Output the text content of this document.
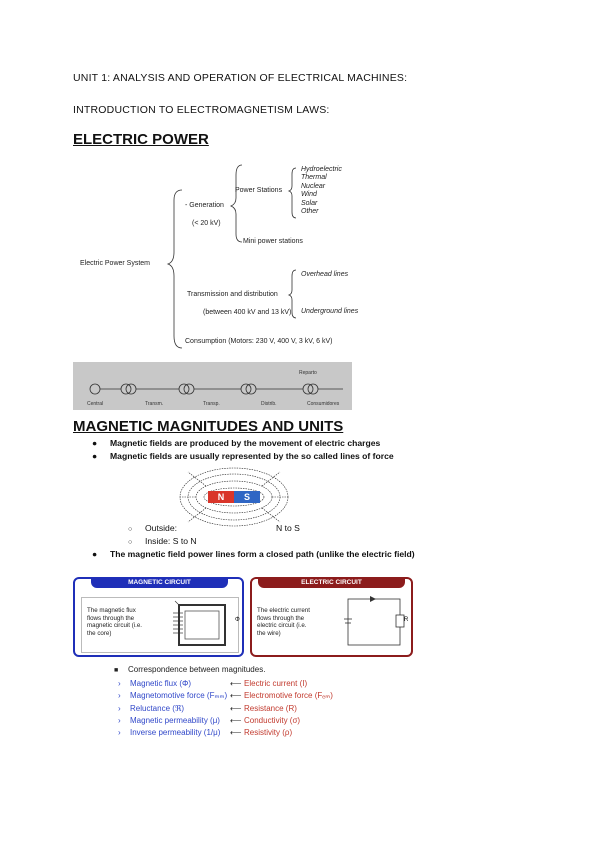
UNIT 1: ANALYSIS AND OPERATION OF ELECTRICAL MACHINES:
INTRODUCTION TO ELECTROMAGNETISM LAWS:
ELECTRIC POWER
Electric Power System
- Generation
(< 20 kV)
Power Stations
Hydroelectric
Thermal
Nuclear
Wind
Solar
Other
Mini power stations
Transmission and distribution
(between 400 kV and 13 kV)
Overhead lines
Underground lines
Consumption (Motors: 230 V, 400 V, 3 kV, 6 kV)
Central	Transm.	Transp.	Distrib.
Reparto
Consumidores
MAGNETIC MAGNITUDES AND UNITS
● Magnetic fields are produced by the movement of electric charges
● Magnetic fields are usually represented by the so called lines of force
N	S
○ Outside:	N to S
○ Inside: S to N
● The magnetic field power lines form a closed path (unlike the electric field)
MAGNETIC CIRCUIT
The magnetic flux flows through the magnetic circuit (i.e. the core)
Φ
ELECTRIC CIRCUIT
The electric current flows through the electric circuit (i.e. the wire)
R
■ Correspondence between magnitudes.
› Magnetic flux (Φ)	⟵ Electric current (I)
› Magnetomotive force (Fₘₘ) ⟵ Electromotive force (Fₑₘ)
› Reluctance (ℜ)	⟵ Resistance (R)
› Magnetic permeability (μ) ⟵ Conductivity (σ)
› Inverse permeability (1/μ) ⟵ Resistivity (ρ)
